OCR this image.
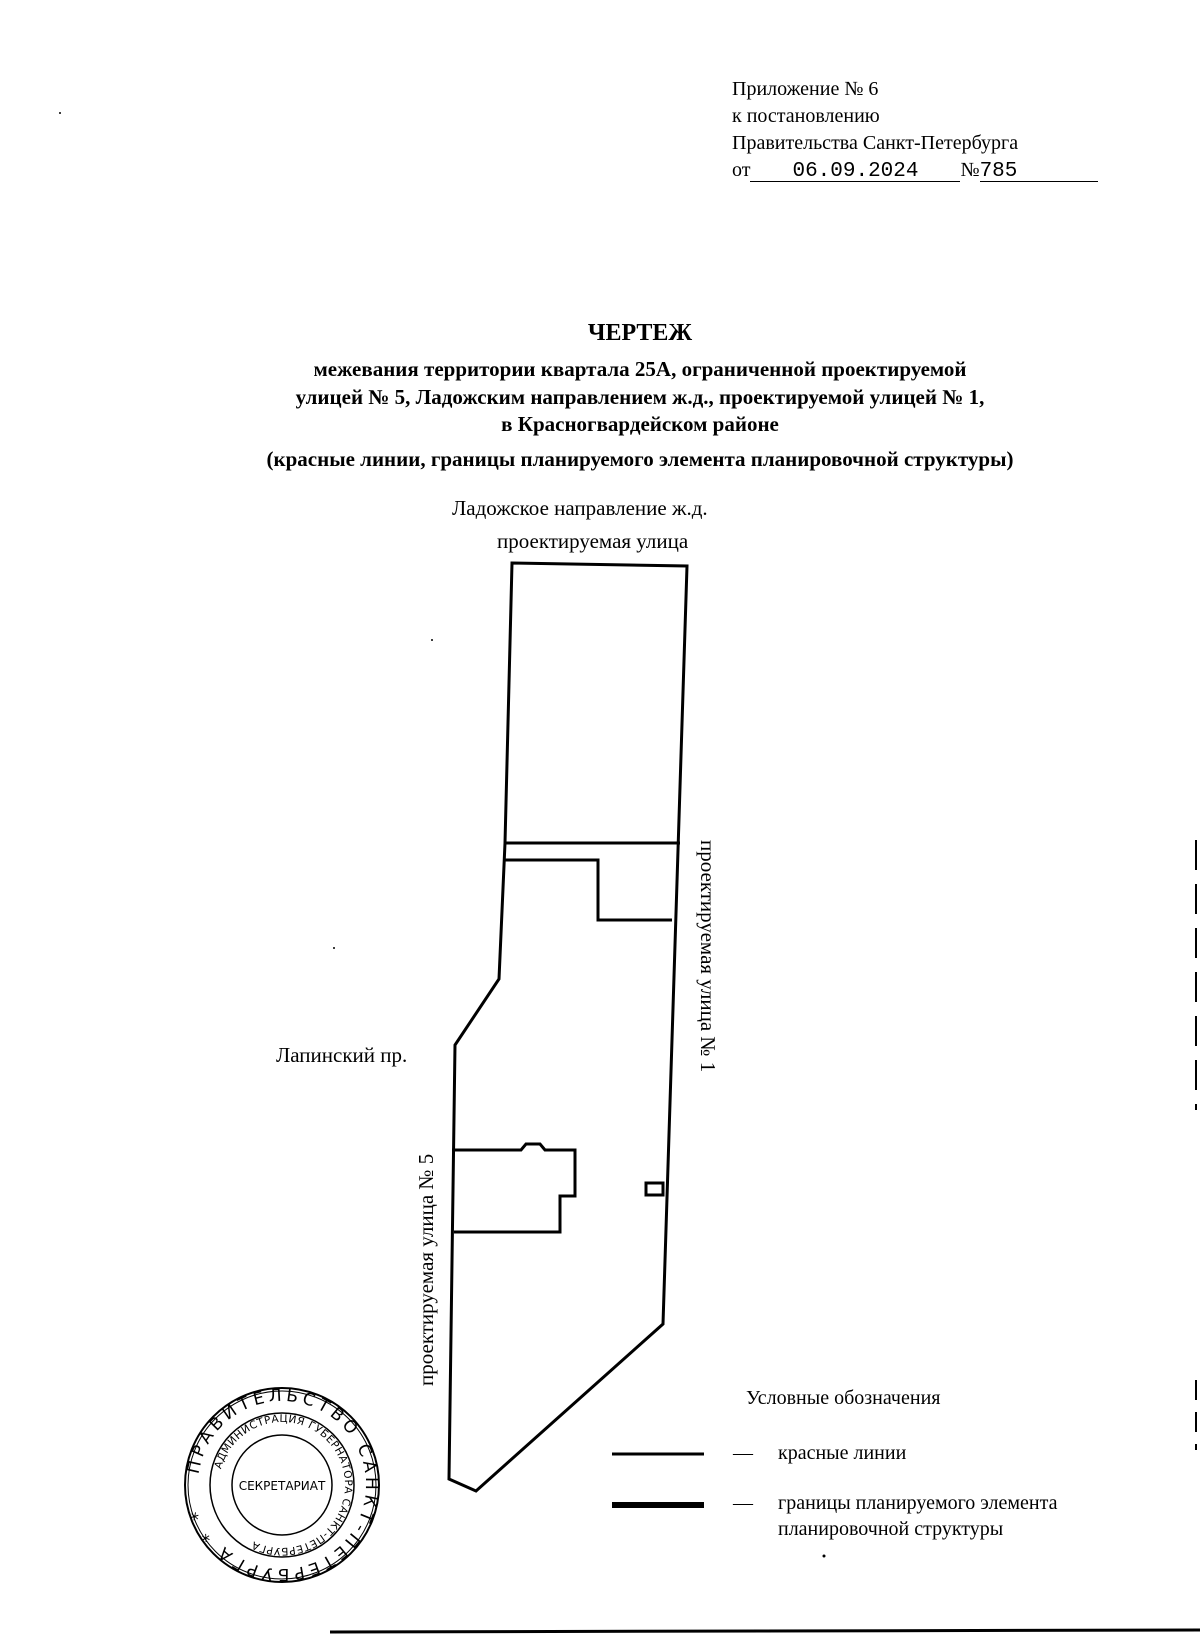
Приложение № 6
к постановлению
Правительства Санкт-Петербурга
от 06.09.2024 №785
ЧЕРТЕЖ
межевания территории квартала 25А, ограниченной проектируемой
улицей № 5, Ладожским направлением ж.д., проектируемой улицей № 1,
в Красногвардейском районе
(красные линии, границы планируемого элемента планировочной структуры)
Ладожское направление ж.д.
проектируемая улица
Лапинский пр.	проектируемая улица № 1
проектируемая улица № 5
Условные обозначения
— красные линии
— границы планируемого элемента
планировочной структуры
ПРАВИТЕЛЬСТВО САНКТ-ПЕТЕРБУРГА * *
АДМИНИСТРАЦИЯ ГУБЕРНАТОРА САНКТ-ПЕТЕРБУРГА
СЕКРЕТАРИАТ
